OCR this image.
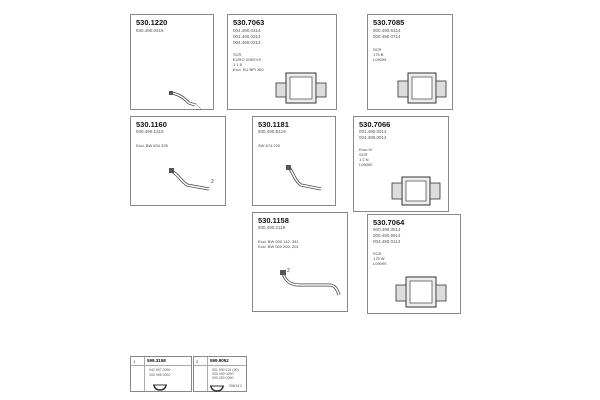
530.1220
930.490.0419
530.7063
004.490.0314
001.490.0314
004.490.0314
SCR
EURO VI/EEV5
1 1 8
Excl. EU BPI 360
530.7085
000.490.6314
000.490.0714
SCR
175 B
L09099
530.1160
930.490.1219
Excl. BW 634 335
2
530.1181
930.490.B119
SW 674 220
530.7066
001.490.0014
004.490.0014
Euro IV
SCR
1 2 N
L09000
530.1158
930.490.2119
Excl. BW 930 142, 341
Excl. BW 000 200, 201
2
530.7064
000.490.3014
000.490.6914
004.490.0114
SCR
175 W
L09099
1	599.3158
942 997 0090
000 495 0092
2	599.9052
001 990 124 (90)
000 490 0290
000 490 0390
2X614 1
